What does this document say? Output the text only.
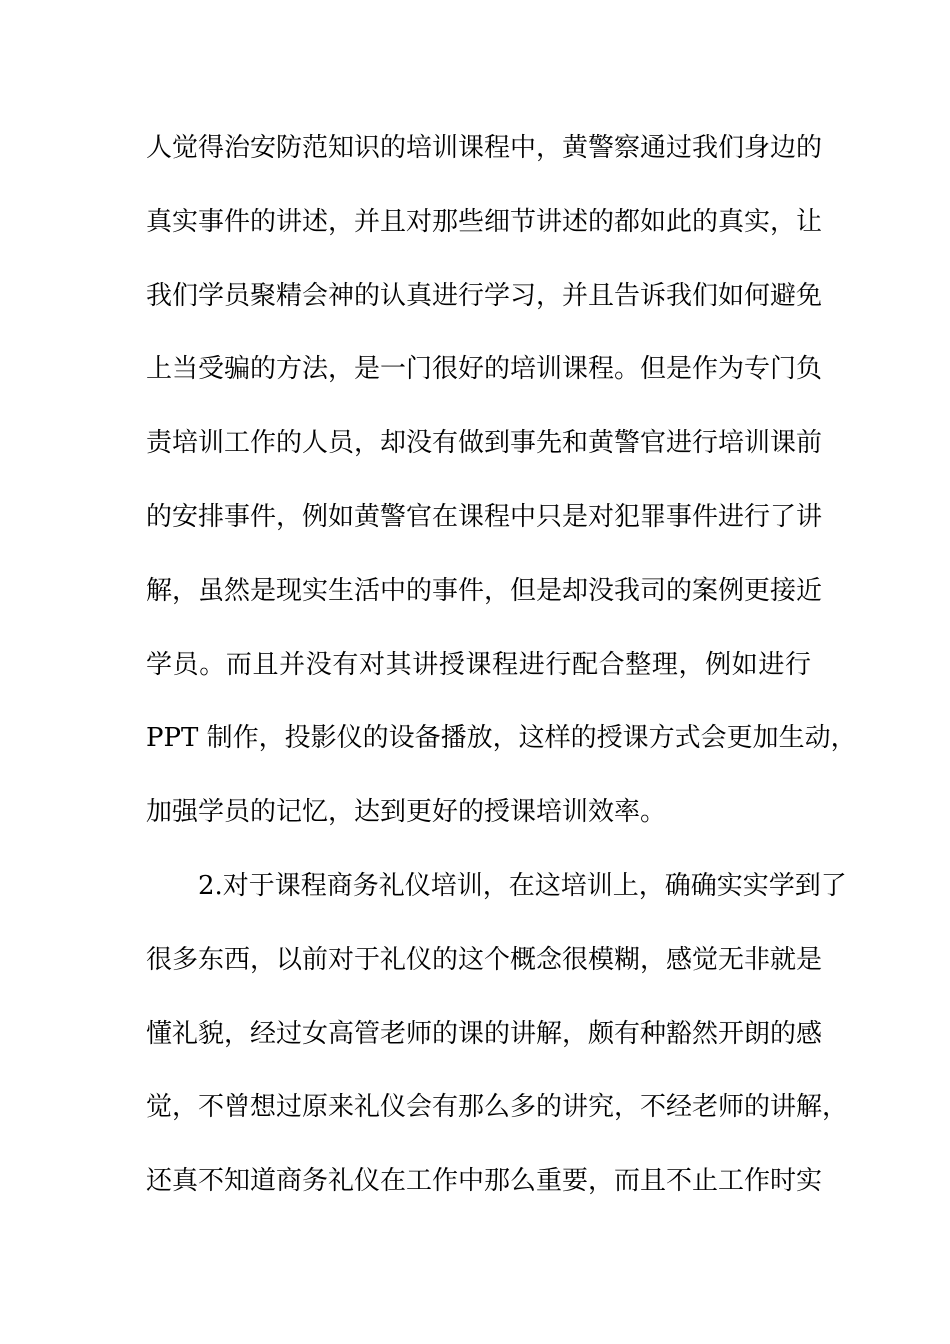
人觉得治安防范知识的培训课程中，黄警察通过我们身边的
真实事件的讲述，并且对那些细节讲述的都如此的真实，让
我们学员聚精会神的认真进行学习，并且告诉我们如何避免
上当受骗的方法，是一门很好的培训课程。但是作为专门负
责培训工作的人员，却没有做到事先和黄警官进行培训课前
的安排事件，例如黄警官在课程中只是对犯罪事件进行了讲
解，虽然是现实生活中的事件，但是却没我司的案例更接近
学员。而且并没有对其讲授课程进行配合整理，例如进行
PPT 制作，投影仪的设备播放，这样的授课方式会更加生动，
加强学员的记忆，达到更好的授课培训效率。
2.对于课程商务礼仪培训，在这培训上，确确实实学到了
很多东西，以前对于礼仪的这个概念很模糊，感觉无非就是
懂礼貌，经过女高管老师的课的讲解，颇有种豁然开朗的感
觉，不曾想过原来礼仪会有那么多的讲究，不经老师的讲解，
还真不知道商务礼仪在工作中那么重要，而且不止工作时实
